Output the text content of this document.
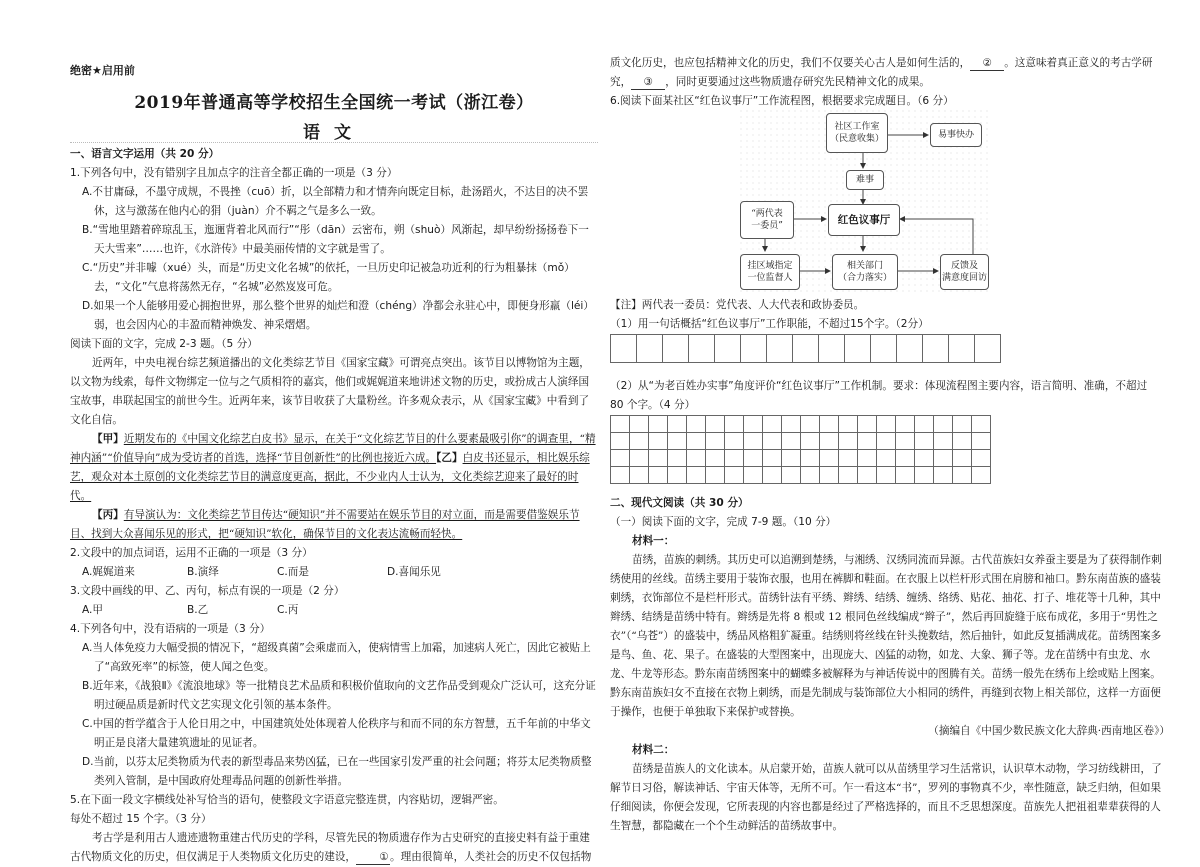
绝密★启用前
2019年普通高等学校招生全国统一考试（浙江卷）
语文

一、语言文字运用（共 20 分）

1.下列各句中，没有错别字且加点字的注音全都正确的一项是（3 分）

A.不甘庸碌，不墨守成规，不畏挫（cuō）折，以全部精力和才情奔向既定目标，赴汤蹈火，不达目的决不罢休，这与激荡在他内心的狷（juàn）介不羁之气是多么一致。

B.“雪地里踏着碎琼乱玉，迤逦背着北风而行”“彤（dān）云密布，朔（shuò）风渐起，却早纷纷扬扬卷下一天大雪来”……也许，《水浒传》中最美丽传情的文字就是雪了。

C.“历史”并非噱（xué）头，而是“历史文化名城”的依托，一旦历史印记被急功近利的行为粗暴抹（mǒ）去，“文化”气息将荡然无存，“名城”必然岌岌可危。

D.如果一个人能够用爱心拥抱世界，那么整个世界的灿烂和澄（chéng）净都会永驻心中，即便身形羸（léi）弱，也会因内心的丰盈而精神焕发、神采熠熠。

阅读下面的文字，完成 2-3 题。（5 分）

近两年，中央电视台综艺频道播出的文化类综艺节目《国家宝藏》可谓亮点突出。该节目以博物馆为主题，以文物为线索，每件文物绑定一位与之气质相符的嘉宾，他们或娓娓道来地讲述文物的历史，或扮成古人演绎国宝故事，串联起国宝的前世今生。近两年来，该节目收获了大量粉丝。许多观众表示，从《国家宝藏》中看到了文化自信。

【甲】近期发布的《中国文化综艺白皮书》显示，在关于“文化综艺节目的什么要素最吸引你”的调查里，“精神内涵”“价值导向”成为受访者的首选，选择“节目创新性”的比例也接近六成。【乙】白皮书还显示，相比娱乐综艺，观众对本土原创的文化类综艺节目的满意度更高，据此，不少业内人士认为，文化类综艺迎来了最好的时代。

【丙】有导演认为：文化类综艺节目传达“硬知识”并不需要站在娱乐节目的对立面，而是需要借鉴娱乐节目、找到大众喜闻乐见的形式，把“硬知识”软化，确保节目的文化表达流畅而轻快。

2.文段中的加点词语，运用不正确的一项是（3 分）

A.娓娓道来	B.演绎	C.而是	D.喜闻乐见

3.文段中画线的甲、乙、丙句，标点有误的一项是（2 分）

A.甲	B.乙	C.丙

4.下列各句中，没有语病的一项是（3 分）

A.当人体免疫力大幅受损的情况下，“超级真菌”会乘虚而入，使病情雪上加霜，加速病人死亡，因此它被贴上了“高致死率”的标签，使人闻之色变。

B.近年来，《战狼Ⅱ》《流浪地球》等一批精良艺术品质和积极价值取向的文艺作品受到观众广泛认可，这充分证明过硬品质是新时代文艺实现文化引领的基本条件。

C.中国的哲学蕴含于人伦日用之中，中国建筑处处体现着人伦秩序与和而不同的东方智慧，五千年前的中华文明正是良渚大量建筑遗址的见证者。

D.当前，以芬太尼类物质为代表的新型毒品来势凶猛，已在一些国家引发严重的社会问题；将芬太尼类物质整类列入管制，是中国政府处理毒品问题的创新性举措。

5.在下面一段文字横线处补写恰当的语句，使整段文字语意完整连贯，内容贴切，逻辑严密。

每处不超过 15 个字。（3 分）

考古学是利用古人遗迹遗物重建古代历史的学科，尽管先民的物质遗存作为古史研究的直接史料有益于重建古代物质文化的历史，但仅满足于人类物质文化历史的建设， ①。理由很简单，人类社会的历史不仅包括物

质文化历史，也应包括精神文化的历史，我们不仅要关心古人是如何生活的， ② 。这意味着真正意义的考古学研究， ③ ，同时更要通过这些物质遗存研究先民精神文化的成果。

6.阅读下面某社区“红色议事厅”工作流程图，根据要求完成题目。（6 分）

社区工作室
（民意收集）	易事快办
难事
红色议事厅
“两代表
一委员”
挂区域指定
一位监督人
相关部门
（合力落实）
反馈及
满意度回访

【注】两代表一委员：党代表、人大代表和政协委员。

（1）用一句话概括“红色议事厅”工作职能，不超过15个字。（2分）

（2）从“为老百姓办实事”角度评价“红色议事厅”工作机制。要求：体现流程图主要内容，语言简明、准确，不超过 80 个字。（4 分）

二、现代文阅读（共 30 分）

（一）阅读下面的文字，完成 7-9 题。（10 分）

材料一：

苗绣，苗族的刺绣。其历史可以追溯到楚绣，与湘绣、汉绣同流而异源。古代苗族妇女养蚕主要是为了获得制作刺绣使用的丝线。苗绣主要用于装饰衣服，也用在裤脚和鞋面。在衣服上以栏杆形式围在肩膀和袖口。黔东南苗族的盛装刺绣，衣饰部位不是栏杆形式。苗绣针法有平绣、辫绣、结绣、缠绣、络绣、贴花、抽花、打子、堆花等十几种，其中辫绣、结绣是苗绣中特有。辫绣是先将 8 根或 12 根同色丝线编成“辫子”，然后再回旋缝于底布成花，多用于“男性之衣”（“乌苍”）的盛装中，绣品风格粗犷凝重。结绣则将丝线在针头挽数结，然后抽针，如此反复插满成花。苗绣图案多是鸟、鱼、花、果子。在盛装的大型图案中，出现庞大、凶猛的动物，如龙、大象、狮子等。龙在苗绣中有虫龙、水龙、牛龙等形态。黔东南苗绣图案中的蝴蝶多被解释为与神话传说中的图腾有关。苗绣一般先在绣布上绘或贴上图案。黔东南苗族妇女不直接在衣物上刺绣，而是先制成与装饰部位大小相同的绣件，再缝到衣物上相关部位，这样一方面便于操作，也便于单独取下来保护或替换。

（摘编自《中国少数民族文化大辞典·西南地区卷》）

材料二：

苗绣是苗族人的文化读本。从启蒙开始，苗族人就可以从苗绣里学习生活常识，认识草木动物，学习纺线耕田，了解节日习俗，解读神话、宇宙天体等，无所不可。乍一看这本“书”，罗列的事物真不少，率性随意，缺乏归纳，但如果仔细阅读，你便会发现，它所表现的内容也都是经过了严格选择的，而且不乏思想深度。苗族先人把祖祖辈辈获得的人生智慧，都隐藏在一个个生动鲜活的苗绣故事中。
